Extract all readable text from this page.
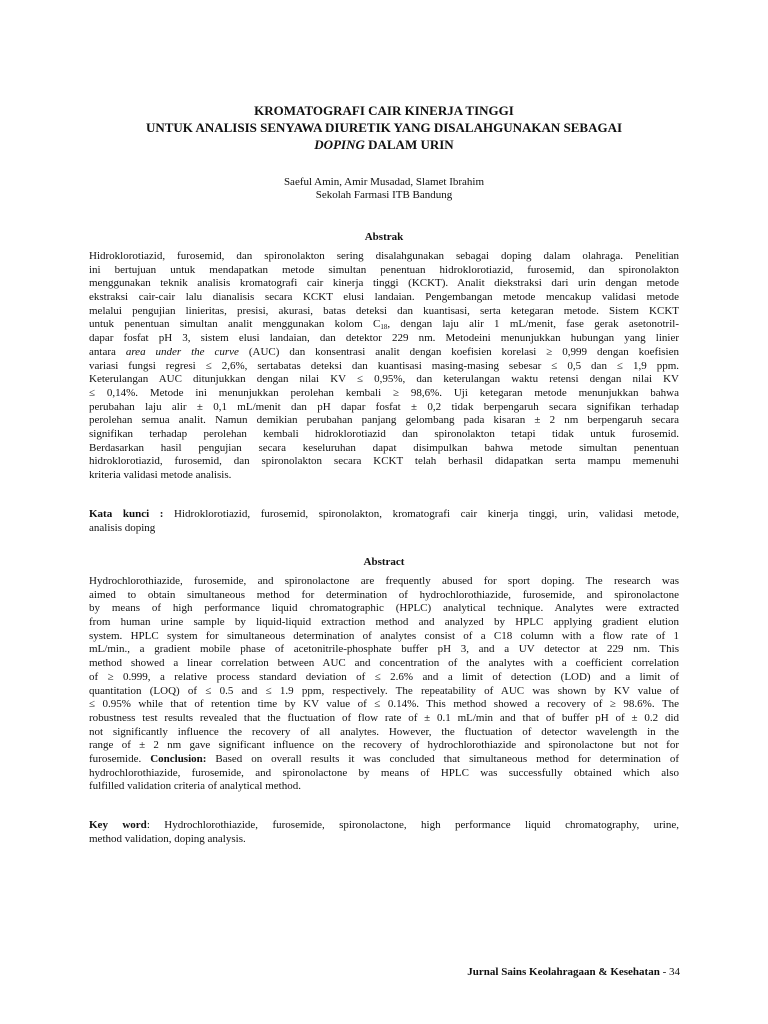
KROMATOGRAFI CAIR KINERJA TINGGI
UNTUK ANALISIS SENYAWA DIURETIK YANG DISALAHGUNAKAN SEBAGAI
DOPING DALAM URIN
Saeful Amin, Amir Musadad, Slamet Ibrahim
Sekolah Farmasi ITB Bandung
Abstrak
Hidroklorotiazid, furosemid, dan spironolakton sering disalahgunakan sebagai doping dalam olahraga. Penelitian
ini bertujuan untuk mendapatkan metode simultan penentuan hidroklorotiazid, furosemid, dan spironolakton
menggunakan teknik analisis kromatografi cair kinerja tinggi (KCKT). Analit diekstraksi dari urin dengan metode
ekstraksi cair-cair lalu dianalisis secara KCKT elusi landaian. Pengembangan metode mencakup validasi metode
melalui pengujian linieritas, presisi, akurasi, batas deteksi dan kuantisasi, serta ketegaran metode. Sistem KCKT
untuk penentuan simultan analit menggunakan kolom $C_{18}$, dengan laju alir 1 mL/menit, fase gerak asetonotril-
dapar fosfat pH 3, sistem elusi landaian, dan detektor 229 nm. Metodeini menunjukkan hubungan yang linier
antara area under the curve (AUC) dan konsentrasi analit dengan koefisien korelasi ≥ 0,999 dengan koefisien
variasi fungsi regresi ≤ 2,6%, sertabatas deteksi dan kuantisasi masing-masing sebesar ≤ 0,5 dan ≤ 1,9 ppm.
Keterulangan AUC ditunjukkan dengan nilai KV ≤ 0,95%, dan keterulangan waktu retensi dengan nilai KV
≤ 0,14%. Metode ini menunjukkan perolehan kembali ≥ 98,6%. Uji ketegaran metode menunjukkan bahwa
perubahan laju alir ± 0,1 mL/menit dan pH dapar fosfat ± 0,2 tidak berpengaruh secara signifikan terhadap
perolehan semua analit. Namun demikian perubahan panjang gelombang pada kisaran ± 2 nm berpengaruh secara
signifikan terhadap perolehan kembali hidroklorotiazid dan spironolakton tetapi tidak untuk furosemid.
Berdasarkan hasil pengujian secara keseluruhan dapat disimpulkan bahwa metode simultan penentuan
hidroklorotiazid, furosemid, dan spironolakton secara KCKT telah berhasil didapatkan serta mampu memenuhi
kriteria validasi metode analisis.
Kata kunci : Hidroklorotiazid, furosemid, spironolakton, kromatografi cair kinerja tinggi, urin, validasi metode,
analisis doping
Abstract
Hydrochlorothiazide, furosemide, and spironolactone are frequently abused for sport doping. The research was
aimed to obtain simultaneous method for determination of hydrochlorothiazide, furosemide, and spironolactone
by means of high performance liquid chromatographic (HPLC) analytical technique. Analytes were extracted
from human urine sample by liquid-liquid extraction method and analyzed by HPLC applying gradient elution
system. HPLC system for simultaneous determination of analytes consist of a C18 column with a flow rate of 1
mL/min., a gradient mobile phase of acetonitrile-phosphate buffer pH 3, and a UV detector at 229 nm. This
method showed a linear correlation between AUC and concentration of the analytes with a coefficient correlation
of ≥ 0.999, a relative process standard deviation of ≤ 2.6% and a limit of detection (LOD) and a limit of
quantitation (LOQ) of ≤ 0.5 and ≤ 1.9 ppm, respectively. The repeatability of AUC was shown by KV value of
≤ 0.95% while that of retention time by KV value of ≤ 0.14%. This method showed a recovery of ≥ 98.6%. The
robustness test results revealed that the fluctuation of flow rate of ± 0.1 mL/min and that of buffer pH of ± 0.2 did
not significantly influence the recovery of all analytes. However, the fluctuation of detector wavelength in the
range of ± 2 nm gave significant influence on the recovery of hydrochlorothiazide and spironolactone but not for
furosemide. Conclusion: Based on overall results it was concluded that simultaneous method for determination of
hydrochlorothiazide, furosemide, and spironolactone by means of HPLC was successfully obtained which also
fulfilled validation criteria of analytical method.
Key word: Hydrochlorothiazide, furosemide, spironolactone, high performance liquid chromatography, urine,
method validation, doping analysis.
Jurnal Sains Keolahragaan & Kesehatan - 34
